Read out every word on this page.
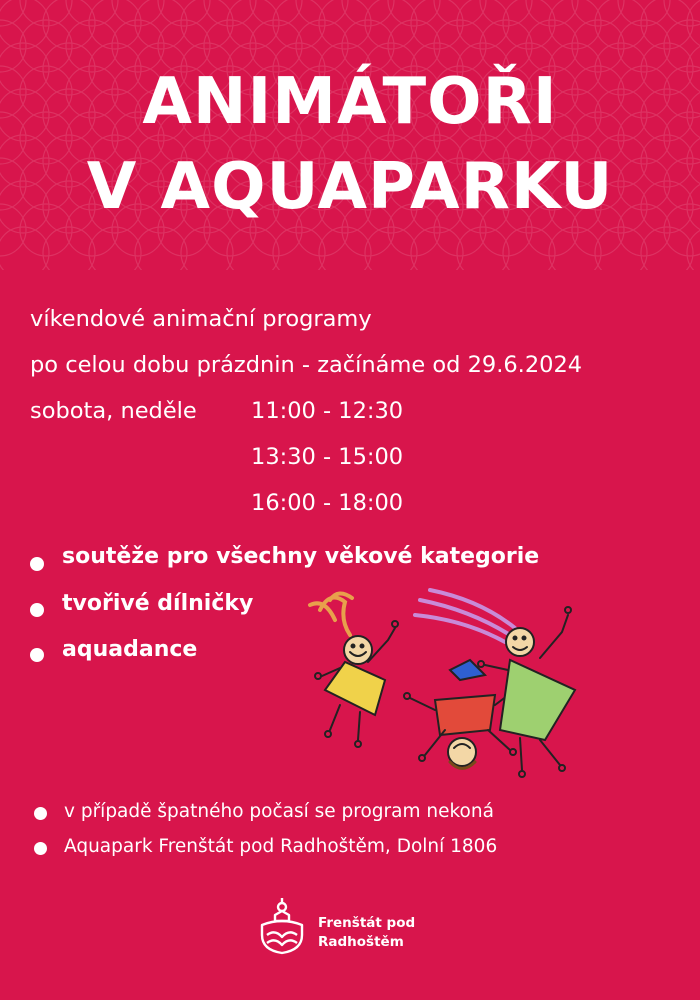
ANIMÁTOŘI
V AQUAPARKU
víkendové animační programy
po celou dobu prázdnin - začínáme od 29.6.2024
sobota, neděle 11:00 - 12:30
13:30 - 15:00
16:00 - 18:00
soutěže pro všechny věkové kategorie
tvořivé dílničky
aquadance
v případě špatného počasí se program nekoná
Aquapark Frenštát pod Radhoštěm, Dolní 1806
Frenštát pod
Radhoštěm
